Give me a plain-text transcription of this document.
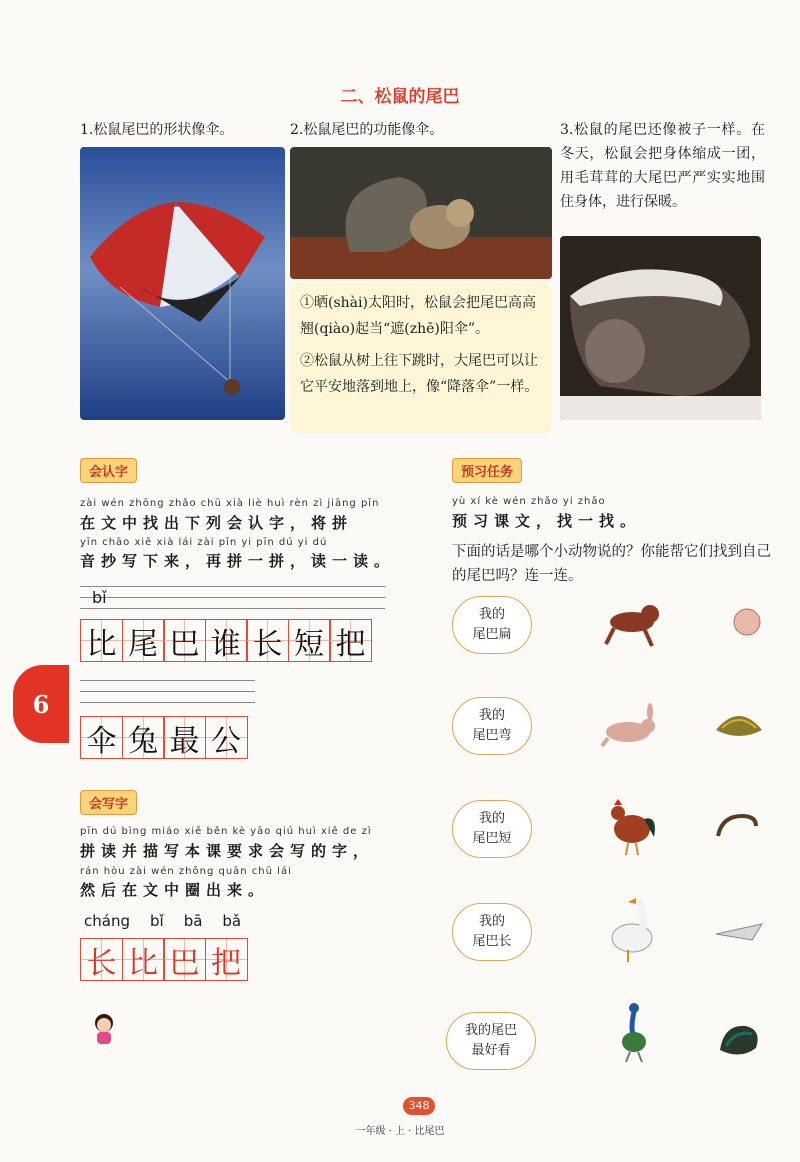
二、松鼠的尾巴
1.松鼠尾巴的形状像伞。	2.松鼠尾巴的功能像伞。
①晒(shài)太阳时，松鼠会把尾巴高高翘(qiào)起当“遮(zhē)阳伞”。
②松鼠从树上往下跳时，大尾巴可以让它平安地落到地上，像“降落伞”一样。
3.松鼠的尾巴还像被子一样。在冬天，松鼠会把身体缩成一团，用毛茸茸的大尾巴严严实实地围住身体，进行保暖。
会认字
zài wén zhōng zhǎo chū xià liè huì rèn zì jiāng pīn
在文中找出下列会认字，将拼
yīn chāo xiě xià lái zài pīn yi pīn dú yi dú
音抄写下来，再拼一拼，读一读。
bǐ
比 尾 巴 谁 长 短 把
伞 兔 最 公
6
会写字
pīn dú bìng miáo xiě běn kè yāo qiú huì xiě de zì
拼读并描写本课要求会写的字，
rán hòu zài wén zhōng quān chū lái
然后在文中圈出来。
cháng bǐ bā bǎ
长 比 巴 把
预习任务
yù xí kè wén zhǎo yi zhǎo
预习课文，找一找。
下面的话是哪个小动物说的？你能帮它们找到自己的尾巴吗？连一连。
我的
尾巴扁
我的
尾巴弯
我的
尾巴短
我的
尾巴长
我的尾巴
最好看
348
一年级 · 上 · 比尾巴
